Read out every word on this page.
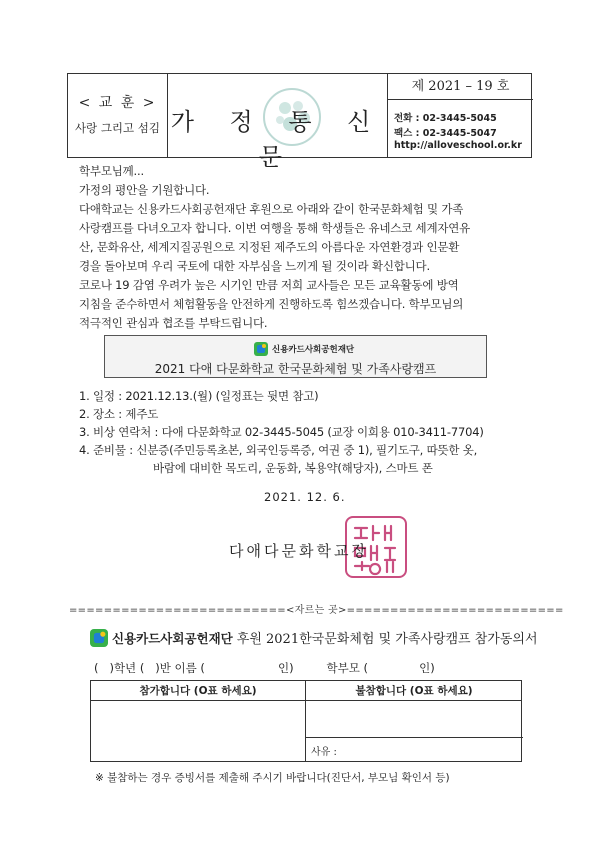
< 교 훈 >
사랑 그리고 섬김 가 정 통 신 문
제 2021 – 19 호
전화 : 02-3445-5045
팩스 : 02-3445-5047
http://alloveschool.or.kr
학부모님께...
가정의 평안을 기원합니다.
다애학교는 신용카드사회공헌재단 후원으로 아래와 같이 한국문화체험 및 가족
사랑캠프를 다녀오고자 합니다. 이번 여행을 통해 학생들은 유네스코 세계자연유
산, 문화유산, 세계지질공원으로 지정된 제주도의 아름다운 자연환경과 인문환
경을 돌아보며 우리 국토에 대한 자부심을 느끼게 될 것이라 확신합니다.
코로나 19 감염 우려가 높은 시기인 만큼 저희 교사들은 모든 교육활동에 방역
지침을 준수하면서 체험활동을 안전하게 진행하도록 힘쓰겠습니다. 학부모님의
적극적인 관심과 협조를 부탁드립니다.
신용카드사회공헌재단
2021 다애 다문화학교 한국문화체험 및 가족사랑캠프
1. 일정 : 2021.12.13.(월) (일정표는 뒷면 참고)
2. 장소 : 제주도
3. 비상 연락처 : 다애 다문화학교 02-3445-5045 (교장 이희용 010-3411-7704)
4. 준비물 : 신분증(주민등록초본, 외국인등록증, 여권 중 1), 필기도구, 따뜻한 옷,
바람에 대비한 목도리, 운동화, 복용약(해당자), 스마트 폰
2021. 12. 6.
다애다문화학교장
=========================<자르는 곳>=========================
신용카드사회공헌재단 후원 2021한국문화체험 및 가족사랑캠프 참가동의서
(   )학년 (   )반 이름 (                    인)         학부모 (              인)
참가합니다 (O표 하세요)	불참합니다 (O표 하세요)
사유 :
※ 불참하는 경우 증빙서를 제출해 주시기 바랍니다(진단서, 부모님 확인서 등)
